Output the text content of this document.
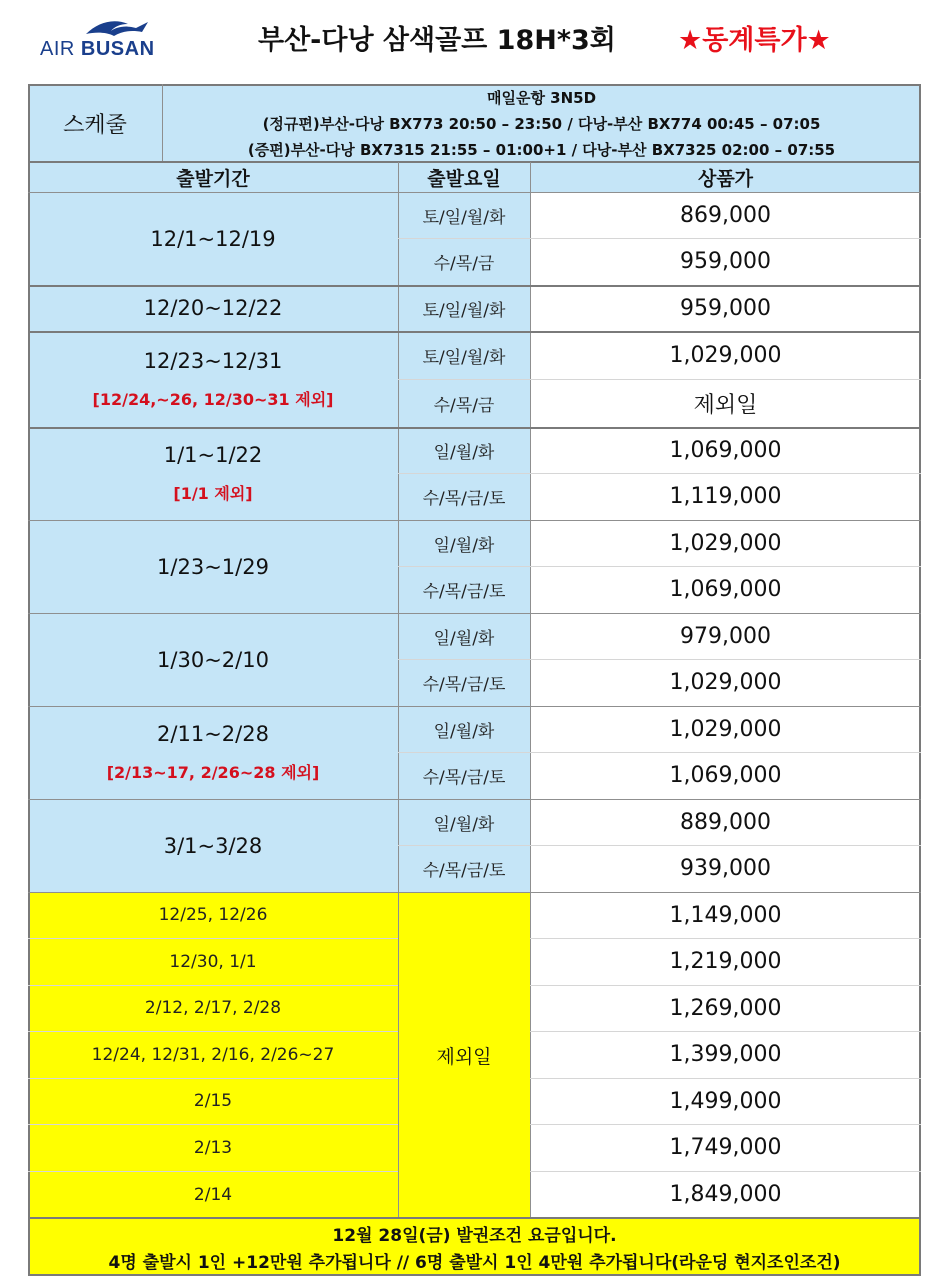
AIR BUSAN	부산-다낭 삼색골프 18H*3회 ★동계특가★
스케줄
매일운항 3N5D
(정규편)부산-다낭 BX773 20:50 – 23:50 / 다낭-부산 BX774 00:45 – 07:05
(증편)부산-다낭 BX7315 21:55 – 01:00+1 / 다낭-부산 BX7325 02:00 – 07:55
출발기간	출발요일	상품가
12/1~12/19
토/일/월/화	869,000
수/목/금	959,000
12/20~12/22	토/일/월/화	959,000
12/23~12/31
[12/24,~26, 12/30~31 제외]
토/일/월/화	1,029,000
수/목/금	제외일
1/1~1/22
[1/1 제외]
일/월/화	1,069,000
수/목/금/토	1,119,000
1/23~1/29
일/월/화	1,029,000
수/목/금/토	1,069,000
1/30~2/10
일/월/화	979,000
수/목/금/토	1,029,000
2/11~2/28
[2/13~17, 2/26~28 제외]
일/월/화	1,029,000
수/목/금/토	1,069,000
3/1~3/28
일/월/화	889,000
수/목/금/토	939,000
제외일
12/25, 12/26	1,149,000
12/30, 1/1	1,219,000
2/12, 2/17, 2/28	1,269,000
12/24, 12/31, 2/16, 2/26~27	1,399,000
2/15	1,499,000
2/13	1,749,000
2/14	1,849,000
12월 28일(금) 발권조건 요금입니다.
4명 출발시 1인 +12만원 추가됩니다 // 6명 출발시 1인 4만원 추가됩니다(라운딩 현지조인조건)
